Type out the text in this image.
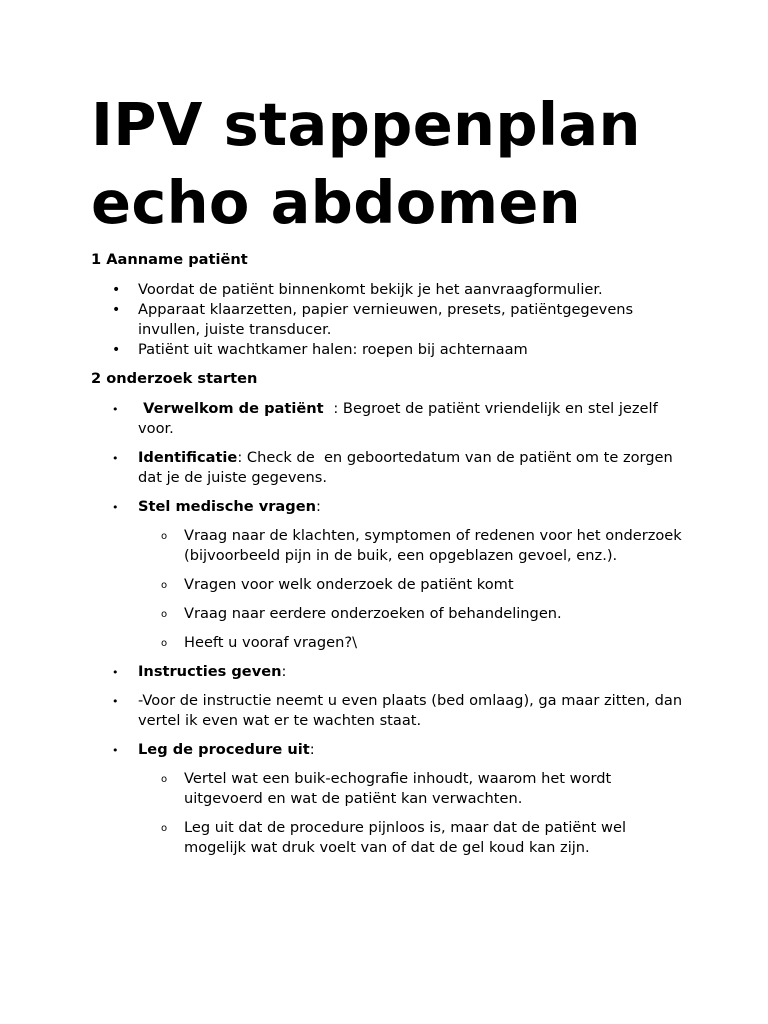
IPV stappenplan
echo abdomen
1 Aanname patiënt
• Voordat de patiënt binnenkomt bekijk je het aanvraagformulier.
• Apparaat klaarzetten, papier vernieuwen, presets, patiëntgegevens invullen, juiste transducer.
• Patiënt uit wachtkamer halen: roepen bij achternaam
2 onderzoek starten
• Verwelkom de patiënt  : Begroet de patiënt vriendelijk en stel jezelf voor.
• Identificatie: Check de  en geboortedatum van de patiënt om te zorgen dat je de juiste gegevens.
• Stel medische vragen:
o Vraag naar de klachten, symptomen of redenen voor het onderzoek (bijvoorbeeld pijn in de buik, een opgeblazen gevoel, enz.).
o Vragen voor welk onderzoek de patiënt komt
o Vraag naar eerdere onderzoeken of behandelingen.
o Heeft u vooraf vragen?\
• Instructies geven:
• -Voor de instructie neemt u even plaats (bed omlaag), ga maar zitten, dan vertel ik even wat er te wachten staat.
• Leg de procedure uit:
o Vertel wat een buik-echografie inhoudt, waarom het wordt uitgevoerd en wat de patiënt kan verwachten.
o Leg uit dat de procedure pijnloos is, maar dat de patiënt wel mogelijk wat druk voelt van of dat de gel koud kan zijn.
